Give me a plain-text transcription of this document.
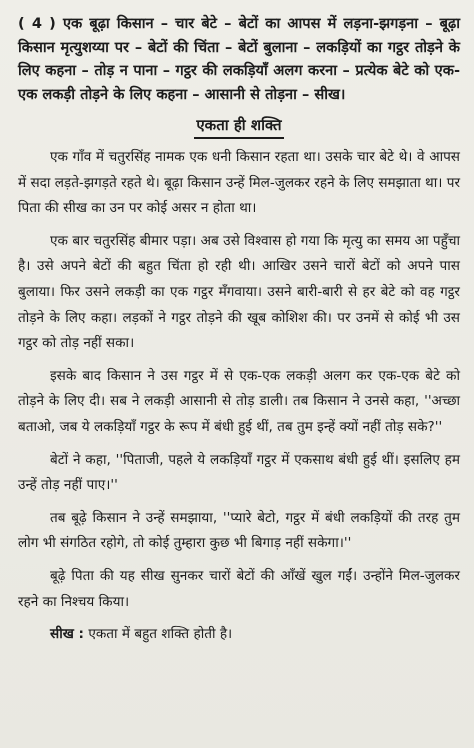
( 4 ) एक बूढ़ा किसान – चार बेटे – बेटों का आपस में लड़ना-झगड़ना – बूढ़ा किसान मृत्युशय्या पर – बेटों की चिंता – बेटों बुलाना – लकड़ियों का गट्ठर तोड़ने के लिए कहना – तोड़ न पाना – गट्ठर की लकड़ियाँ अलग करना – प्रत्येक बेटे को एक-एक लकड़ी तोड़ने के लिए कहना – आसानी से तोड़ना – सीख।

एकता ही शक्ति

एक गाँव में चतुरसिंह नामक एक धनी किसान रहता था। उसके चार बेटे थे। वे आपस में सदा लड़ते-झगड़ते रहते थे। बूढ़ा किसान उन्हें मिल-जुलकर रहने के लिए समझाता था। पर पिता की सीख का उन पर कोई असर न होता था।

एक बार चतुरसिंह बीमार पड़ा। अब उसे विश्वास हो गया कि मृत्यु का समय आ पहुँचा है। उसे अपने बेटों की बहुत चिंता हो रही थी। आखिर उसने चारों बेटों को अपने पास बुलाया। फिर उसने लकड़ी का एक गट्ठर मँगवाया। उसने बारी-बारी से हर बेटे को वह गट्ठर तोड़ने के लिए कहा। लड़कों ने गट्ठर तोड़ने की खूब कोशिश की। पर उनमें से कोई भी उस गट्ठर को तोड़ नहीं सका।

इसके बाद किसान ने उस गट्ठर में से एक-एक लकड़ी अलग कर एक-एक बेटे को तोड़ने के लिए दी। सब ने लकड़ी आसानी से तोड़ डाली। तब किसान ने उनसे कहा, ''अच्छा बताओ, जब ये लकड़ियाँ गट्ठर के रूप में बंधी हुई थीं, तब तुम इन्हें क्यों नहीं तोड़ सके?''

बेटों ने कहा, ''पिताजी, पहले ये लकड़ियाँ गट्ठर में एकसाथ बंधी हुई थीं। इसलिए हम उन्हें तोड़ नहीं पाए।''

तब बूढ़े किसान ने उन्हें समझाया, ''प्यारे बेटो, गट्ठर में बंधी लकड़ियों की तरह तुम लोग भी संगठित रहोगे, तो कोई तुम्हारा कुछ भी बिगाड़ नहीं सकेगा।''

बूढ़े पिता की यह सीख सुनकर चारों बेटों की आँखें खुल गईं। उन्होंने मिल-जुलकर रहने का निश्चय किया।

सीख : एकता में बहुत शक्ति होती है।
